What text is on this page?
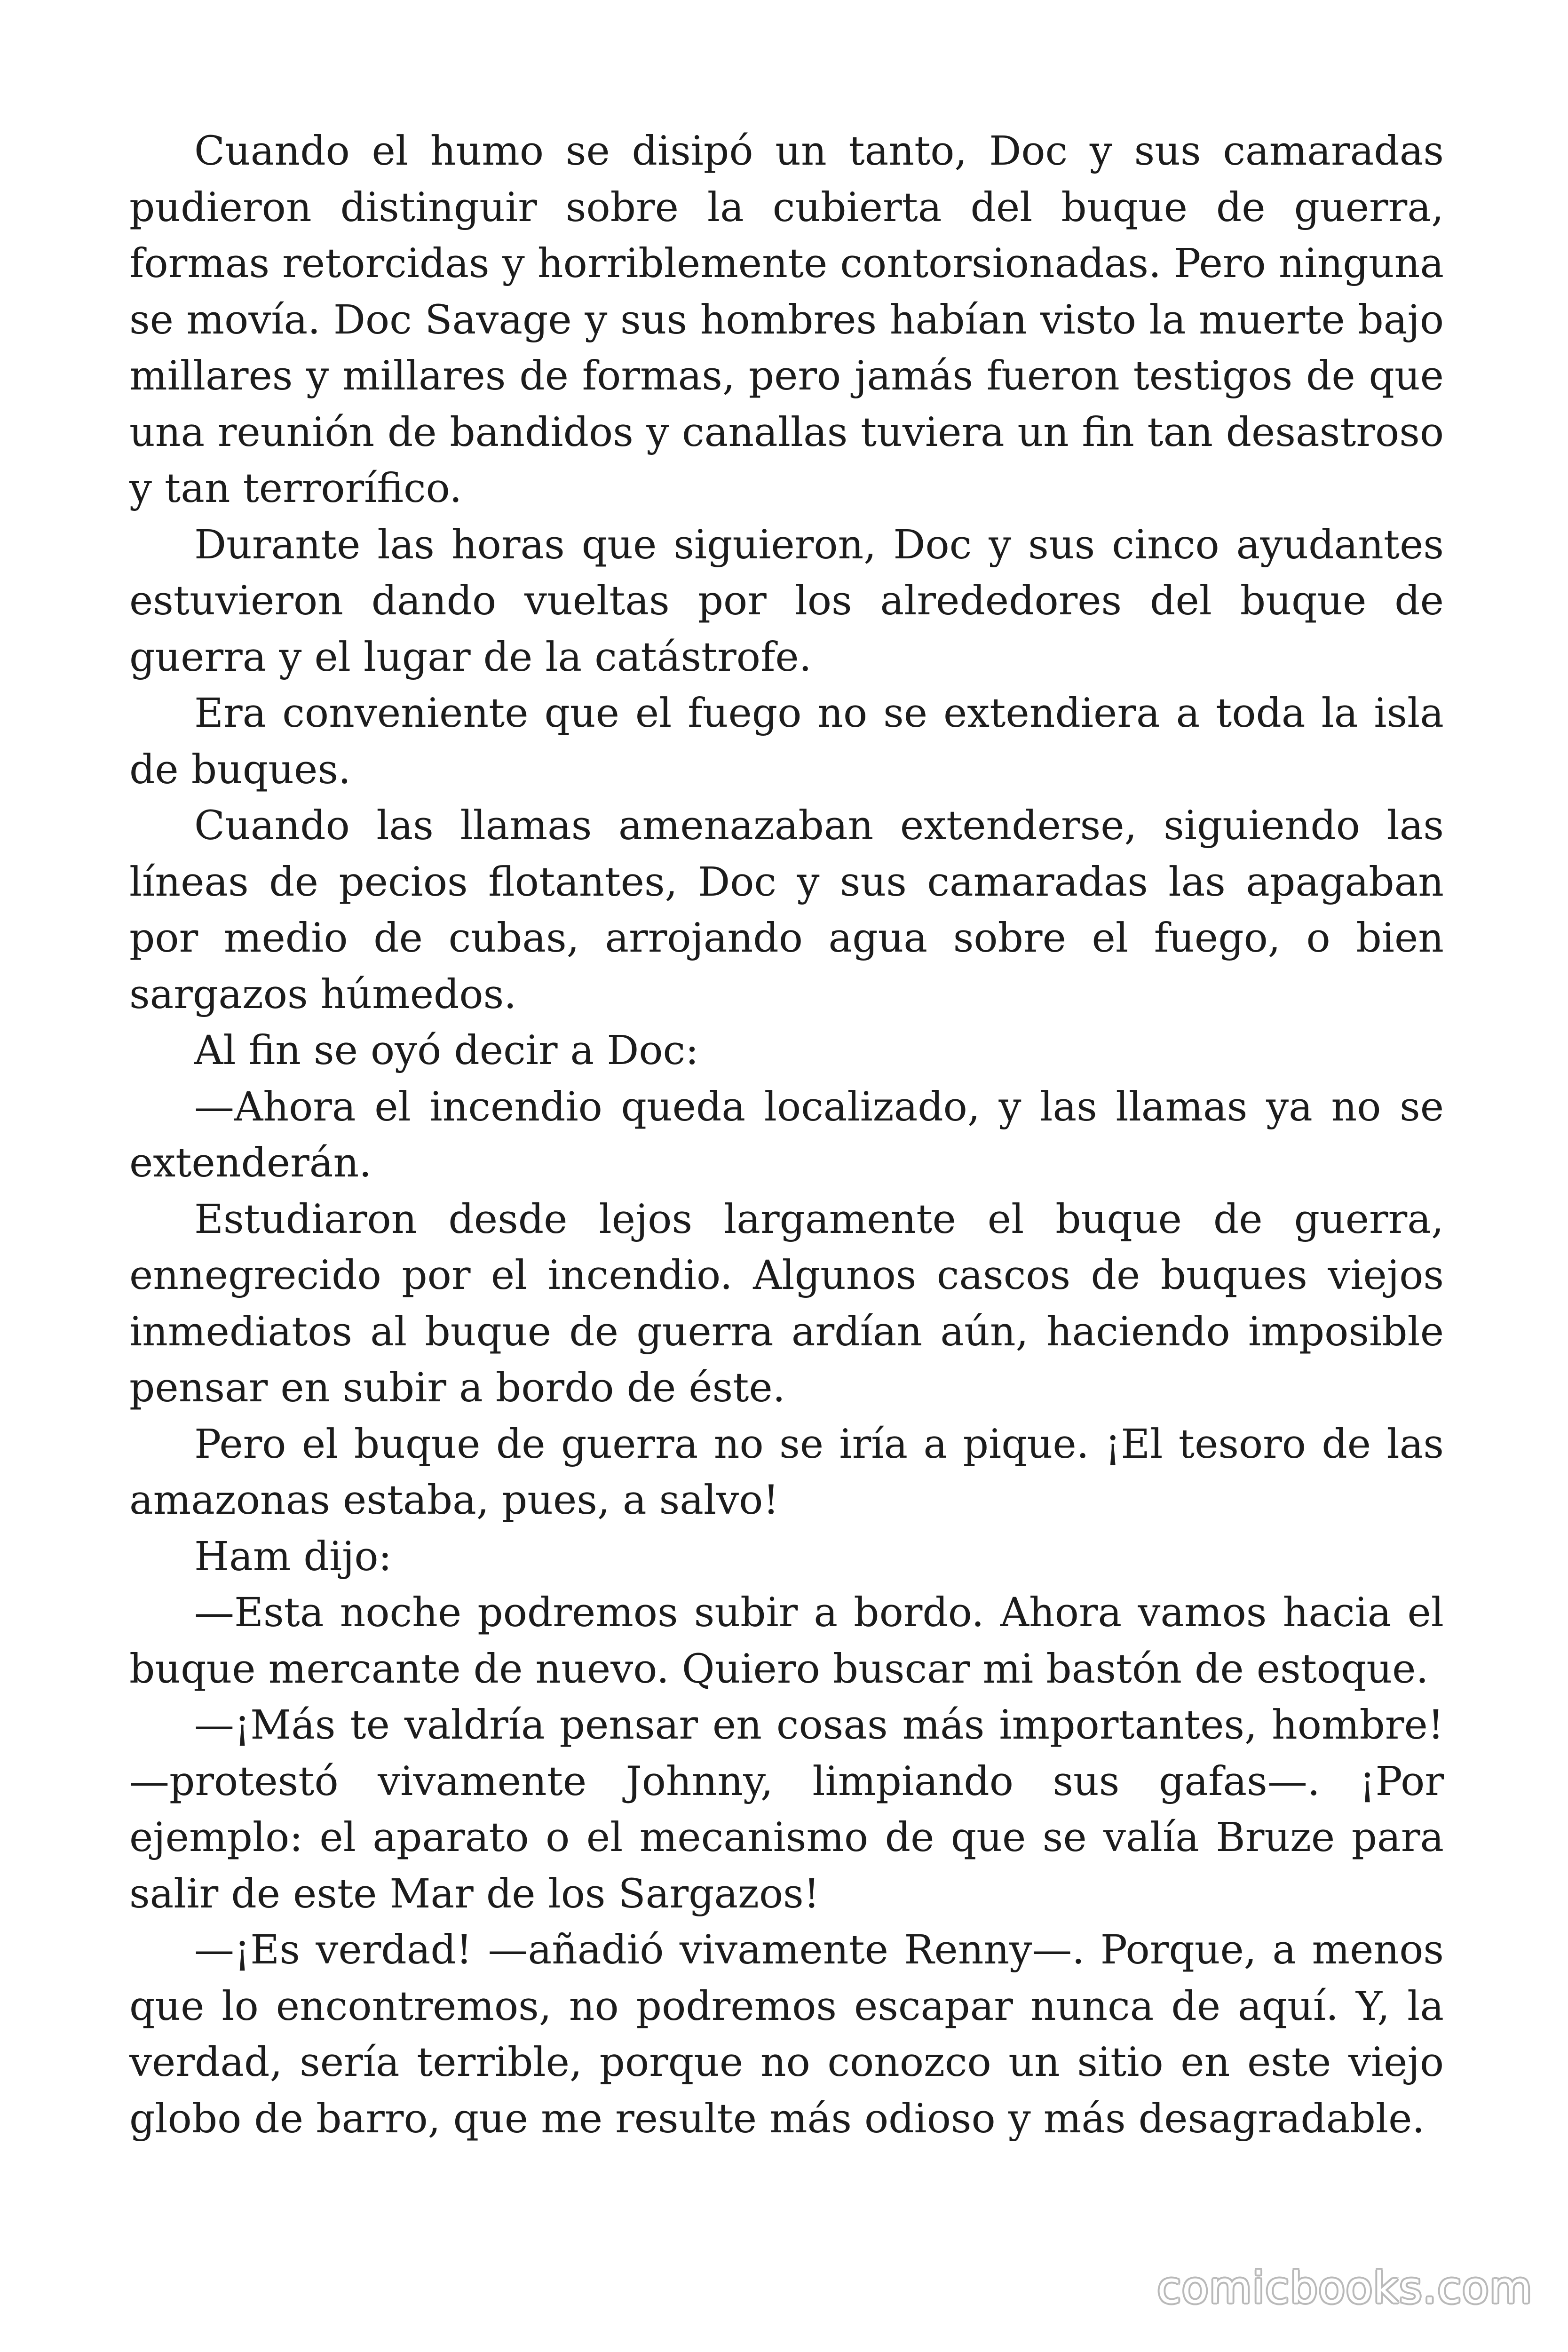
Cuando el humo se disipó un tanto, Doc y sus camaradas pudieron distinguir sobre la cubierta del buque de guerra, formas retorcidas y horriblemente contorsionadas. Pero ninguna se movía. Doc Savage y sus hombres habían visto la muerte bajo millares y millares de formas, pero jamás fueron testigos de que una reunión de bandidos y canallas tuviera un fin tan desastroso y tan terrorífico.

Durante las horas que siguieron, Doc y sus cinco ayudantes estuvieron dando vueltas por los alrededores del buque de guerra y el lugar de la catástrofe.

Era conveniente que el fuego no se extendiera a toda la isla de buques.

Cuando las llamas amenazaban extenderse, siguiendo las líneas de pecios flotantes, Doc y sus camaradas las apagaban por medio de cubas, arrojando agua sobre el fuego, o bien sargazos húmedos.

Al fin se oyó decir a Doc:

—Ahora el incendio queda localizado, y las llamas ya no se extenderán.

Estudiaron desde lejos largamente el buque de guerra, ennegrecido por el incendio. Algunos cascos de buques viejos inmediatos al buque de guerra ardían aún, haciendo imposible pensar en subir a bordo de éste.

Pero el buque de guerra no se iría a pique. ¡El tesoro de las amazonas estaba, pues, a salvo!

Ham dijo:

—Esta noche podremos subir a bordo. Ahora vamos hacia el buque mercante de nuevo. Quiero buscar mi bastón de estoque.

—¡Más te valdría pensar en cosas más importantes, hombre! —protestó vivamente Johnny, limpiando sus gafas—. ¡Por ejemplo: el aparato o el mecanismo de que se valía Bruze para salir de este Mar de los Sargazos!

—¡Es verdad! —añadió vivamente Renny—. Porque, a menos que lo encontremos, no podremos escapar nunca de aquí. Y, la verdad, sería terrible, porque no conozco un sitio en este viejo globo de barro, que me resulte más odioso y más desagradable.

comicbooks.com
